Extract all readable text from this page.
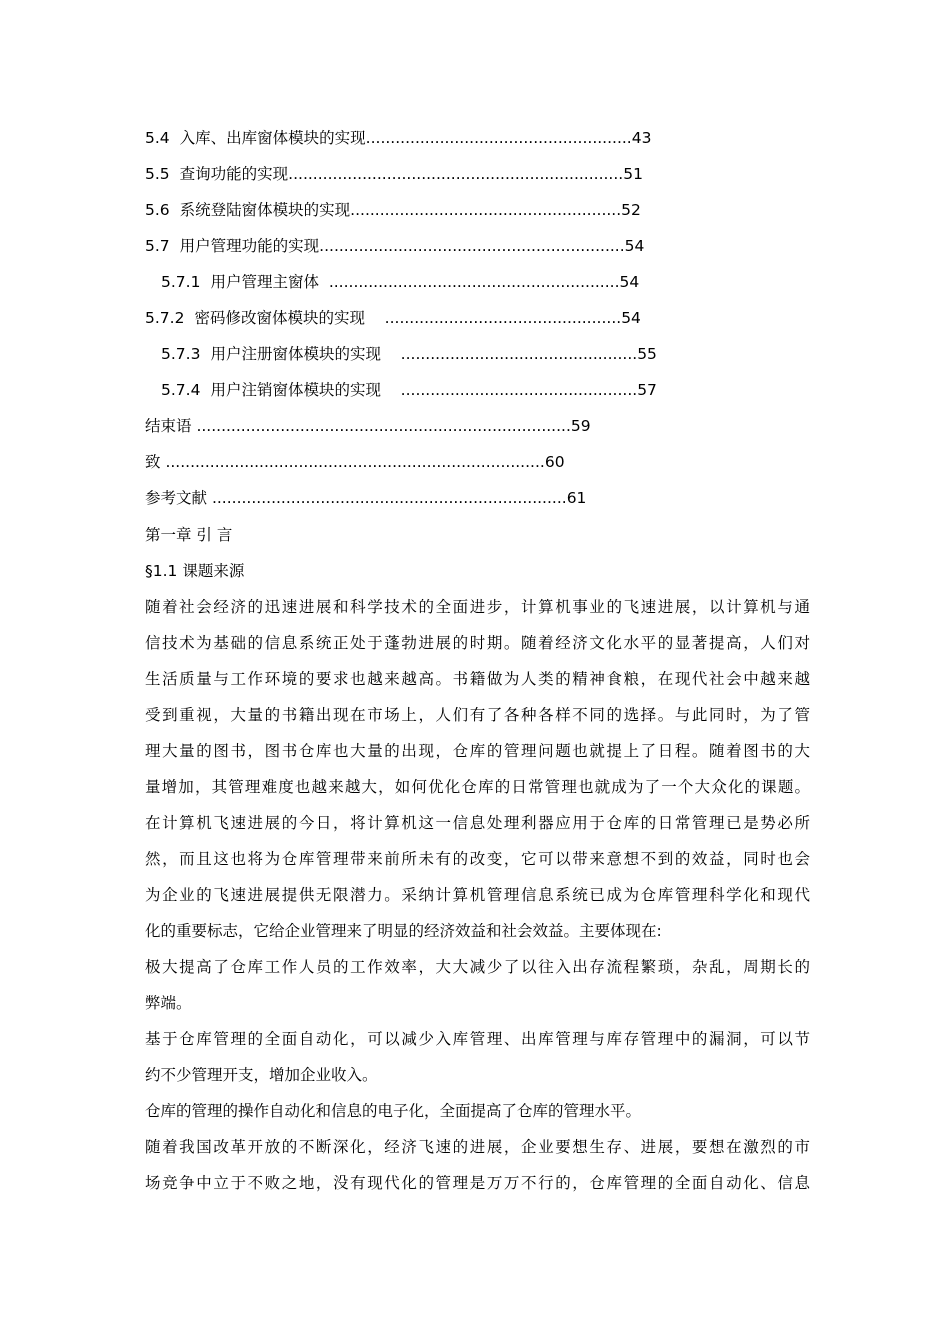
5.4 入库、出库窗体模块的实现......................................................43
5.5 查询功能的实现....................................................................51
5.6 系统登陆窗体模块的实现.......................................................52
5.7 用户管理功能的实现..............................................................54
5.7.1 用户管理主窗体  ...........................................................54
5.7.2 密码修改窗体模块的实现    ................................................54
5.7.3 用户注册窗体模块的实现    ................................................55
5.7.4 用户注销窗体模块的实现    ................................................57
结束语 ............................................................................59
致 .............................................................................60
参考文献 ........................................................................61
第一章 引 言
§1.1 课题来源
随着社会经济的迅速进展和科学技术的全面进步，计算机事业的飞速进展，以计算机与通
信技术为基础的信息系统正处于蓬勃进展的时期。随着经济文化水平的显著提高，人们对
生活质量与工作环境的要求也越来越高。书籍做为人类的精神食粮，在现代社会中越来越
受到重视，大量的书籍出现在市场上，人们有了各种各样不同的选择。与此同时，为了管
理大量的图书，图书仓库也大量的出现，仓库的管理问题也就提上了日程。随着图书的大
量增加，其管理难度也越来越大，如何优化仓库的日常管理也就成为了一个大众化的课题。
在计算机飞速进展的今日，将计算机这一信息处理利器应用于仓库的日常管理已是势必所
然，而且这也将为仓库管理带来前所未有的改变，它可以带来意想不到的效益，同时也会
为企业的飞速进展提供无限潜力。采纳计算机管理信息系统已成为仓库管理科学化和现代
化的重要标志，它给企业管理来了明显的经济效益和社会效益。主要体现在:
极大提高了仓库工作人员的工作效率，大大减少了以往入出存流程繁琐，杂乱，周期长的
弊端。
基于仓库管理的全面自动化，可以减少入库管理、出库管理与库存管理中的漏洞，可以节
约不少管理开支，增加企业收入。
仓库的管理的操作自动化和信息的电子化，全面提高了仓库的管理水平。
随着我国改革开放的不断深化，经济飞速的进展，企业要想生存、进展，要想在激烈的市
场竞争中立于不败之地，没有现代化的管理是万万不行的，仓库管理的全面自动化、信息
